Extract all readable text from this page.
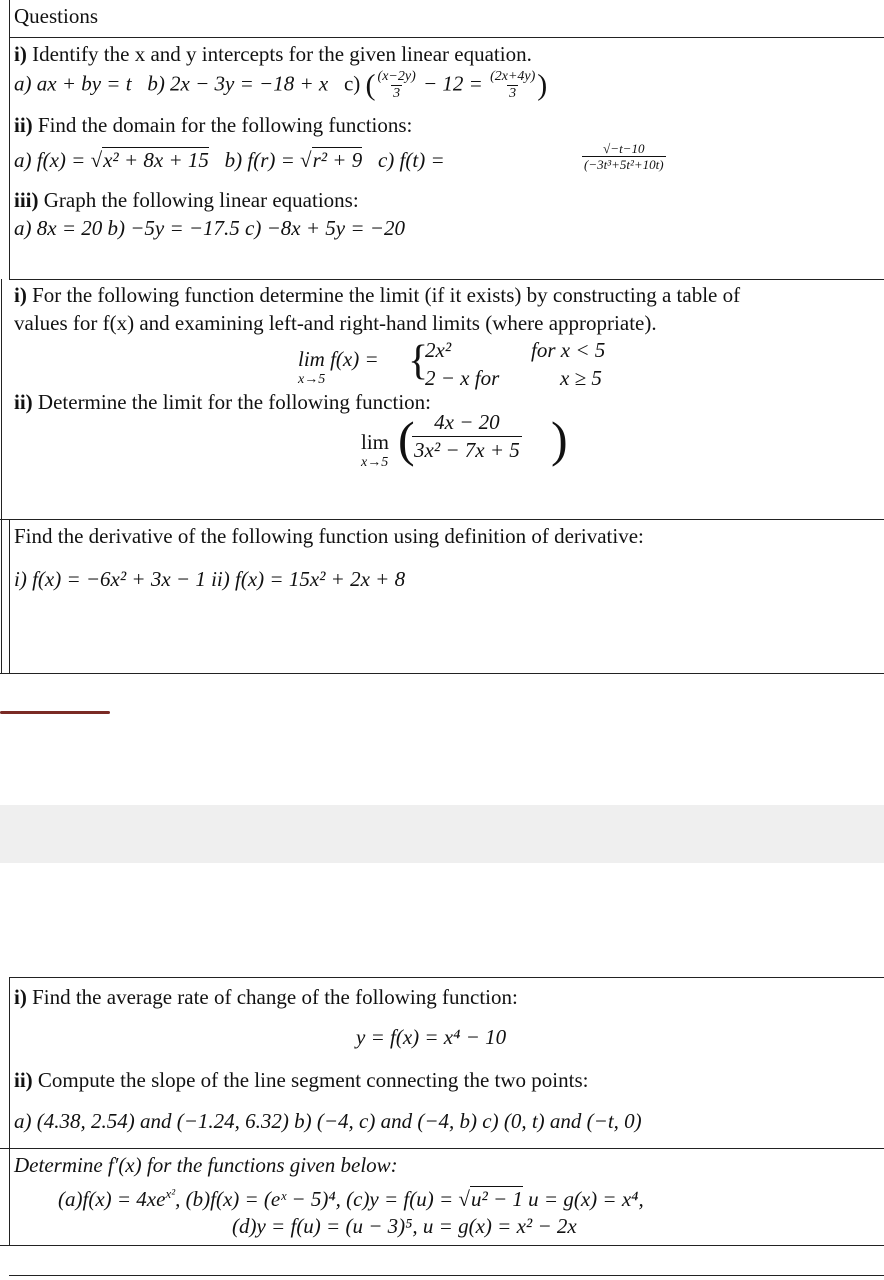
Questions
i) Identify the x and y intercepts for the given linear equation.
a) ax + by = t b) 2x − 3y = −18 + x c) ( $\frac{(x-2y)}{3} - 12 = \frac{(2x+4y)}{3}$ )
ii) Find the domain for the following functions:
a) f(x) = √x² + 8x + 15 b) f(r) = √r² + 9 c) f(t) =	$\frac{√-t-10}{\text{(−3t³+5t²+10t)}}$
iii) Graph the following linear equations:
a) 8x = 20 b) −5y = −17.5 c) −8x + 5y = −20
i) For the following function determine the limit (if it exists) by constructing a table of
values for f(x) and examining left-and right-hand limits (where appropriate).
lim f(x) =
x→5 {
2x²	for x < 5
2 − x for	x ≥ 5
ii) Determine the limit for the following function:
lim
x→5 (
$\frac{4x - 20}{\text{3x² − 7x + 5}}$ )
Find the derivative of the following function using definition of derivative:
i) f(x) = −6x² + 3x − 1 ii) f(x) = 15x² + 2x + 8
i) Find the average rate of change of the following function:
y = f(x) = x⁴ − 10
ii) Compute the slope of the line segment connecting the two points:
a) (4.38, 2.54) and (−1.24, 6.32) b) (−4, c) and (−4, b) c) (0, t) and (−t, 0)
Determine f′(x) for the functions given below:
$(a)f(x) = 4xe^{x^2}$, (b)f(x) = (eˣ − 5)⁴, (c)y = f(u) = √u² − 1 u = g(x) = x⁴,
(d)y = f(u) = (u − 3)⁵, u = g(x) = x² − 2x
